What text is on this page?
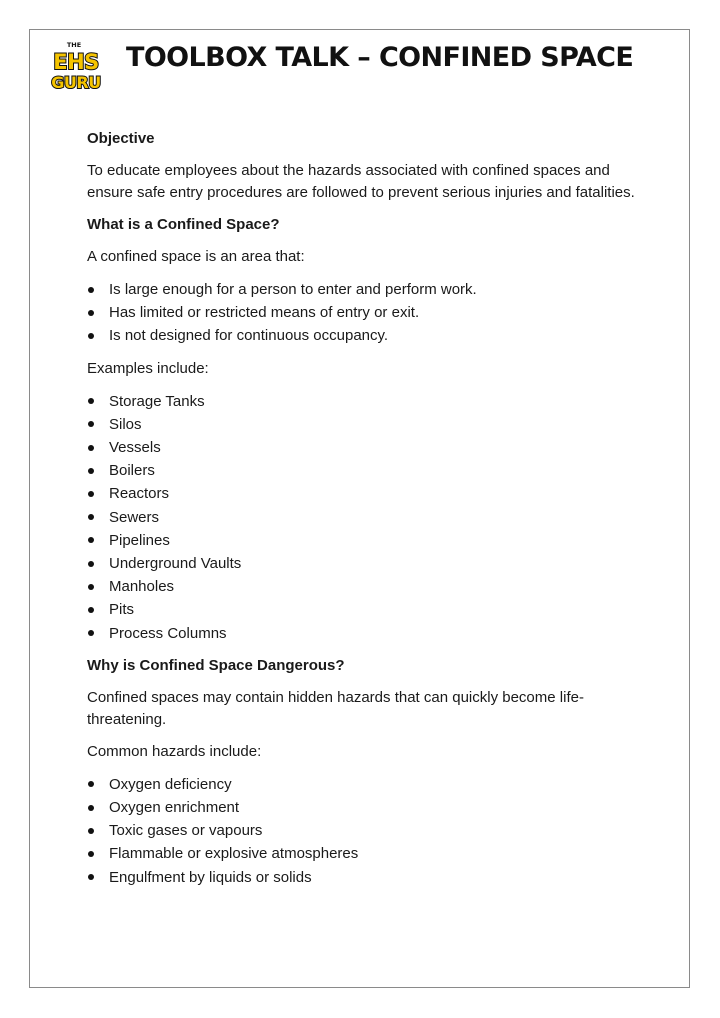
THE
EHS
GURU
TOOLBOX TALK – CONFINED SPACE

Objective

To educate employees about the hazards associated with confined spaces and ensure safe entry procedures are followed to prevent serious injuries and fatalities.

What is a Confined Space?

A confined space is an area that:

Is large enough for a person to enter and perform work.
Has limited or restricted means of entry or exit.
Is not designed for continuous occupancy.

Examples include:

Storage Tanks
Silos
Vessels
Boilers
Reactors
Sewers
Pipelines
Underground Vaults
Manholes
Pits
Process Columns

Why is Confined Space Dangerous?

Confined spaces may contain hidden hazards that can quickly become life-threatening.

Common hazards include:

Oxygen deficiency
Oxygen enrichment
Toxic gases or vapours
Flammable or explosive atmospheres
Engulfment by liquids or solids
